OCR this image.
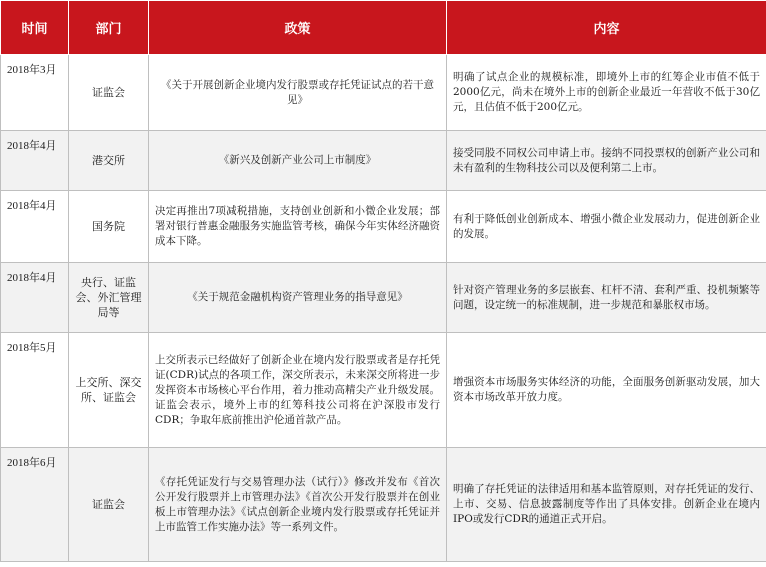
时间	部门	政策	内容
2018年3月	证监会	《关于开展创新企业境内发行股票或存托凭证试点的若干意见》	明确了试点企业的规模标准，即境外上市的红筹企业市值不低于2000亿元，尚未在境外上市的创新企业最近一年营收不低于30亿元，且估值不低于200亿元。
2018年4月	港交所	《新兴及创新产业公司上市制度》	接受同股不同权公司申请上市。接纳不同投票权的创新产业公司和未有盈利的生物科技公司以及便利第二上市。
2018年4月	国务院	决定再推出7项减税措施，支持创业创新和小微企业发展；部署对银行普惠金融服务实施监管考核，确保今年实体经济融资成本下降。	有利于降低创业创新成本、增强小微企业发展动力，促进创新企业的发展。
2018年4月	央行、证监会、外汇管理局等	《关于规范金融机构资产管理业务的指导意见》	针对资产管理业务的多层嵌套、杠杆不清、套利严重、投机频繁等问题，设定统一的标准规制，进一步规范和暴胀权市场。
2018年5月	上交所、深交所、证监会	上交所表示已经做好了创新企业在境内发行股票或者是存托凭证(CDR)试点的各项工作，深交所表示，未来深交所将进一步发挥资本市场核心平台作用，着力推动高精尖产业升级发展。证监会表示，境外上市的红筹科技公司将在沪深股市发行CDR；争取年底前推出沪伦通首款产品。	增强资本市场服务实体经济的功能，全面服务创新驱动发展，加大资本市场改革开放力度。
2018年6月	证监会	《存托凭证发行与交易管理办法（试行）》修改并发布《首次公开发行股票并上市管理办法》《首次公开发行股票并在创业板上市管理办法》《试点创新企业境内发行股票或存托凭证并上市监管工作实施办法》等一系列文件。	明确了存托凭证的法律适用和基本监管原则，对存托凭证的发行、上市、交易、信息披露制度等作出了具体安排。创新企业在境内IPO或发行CDR的通道正式开启。
